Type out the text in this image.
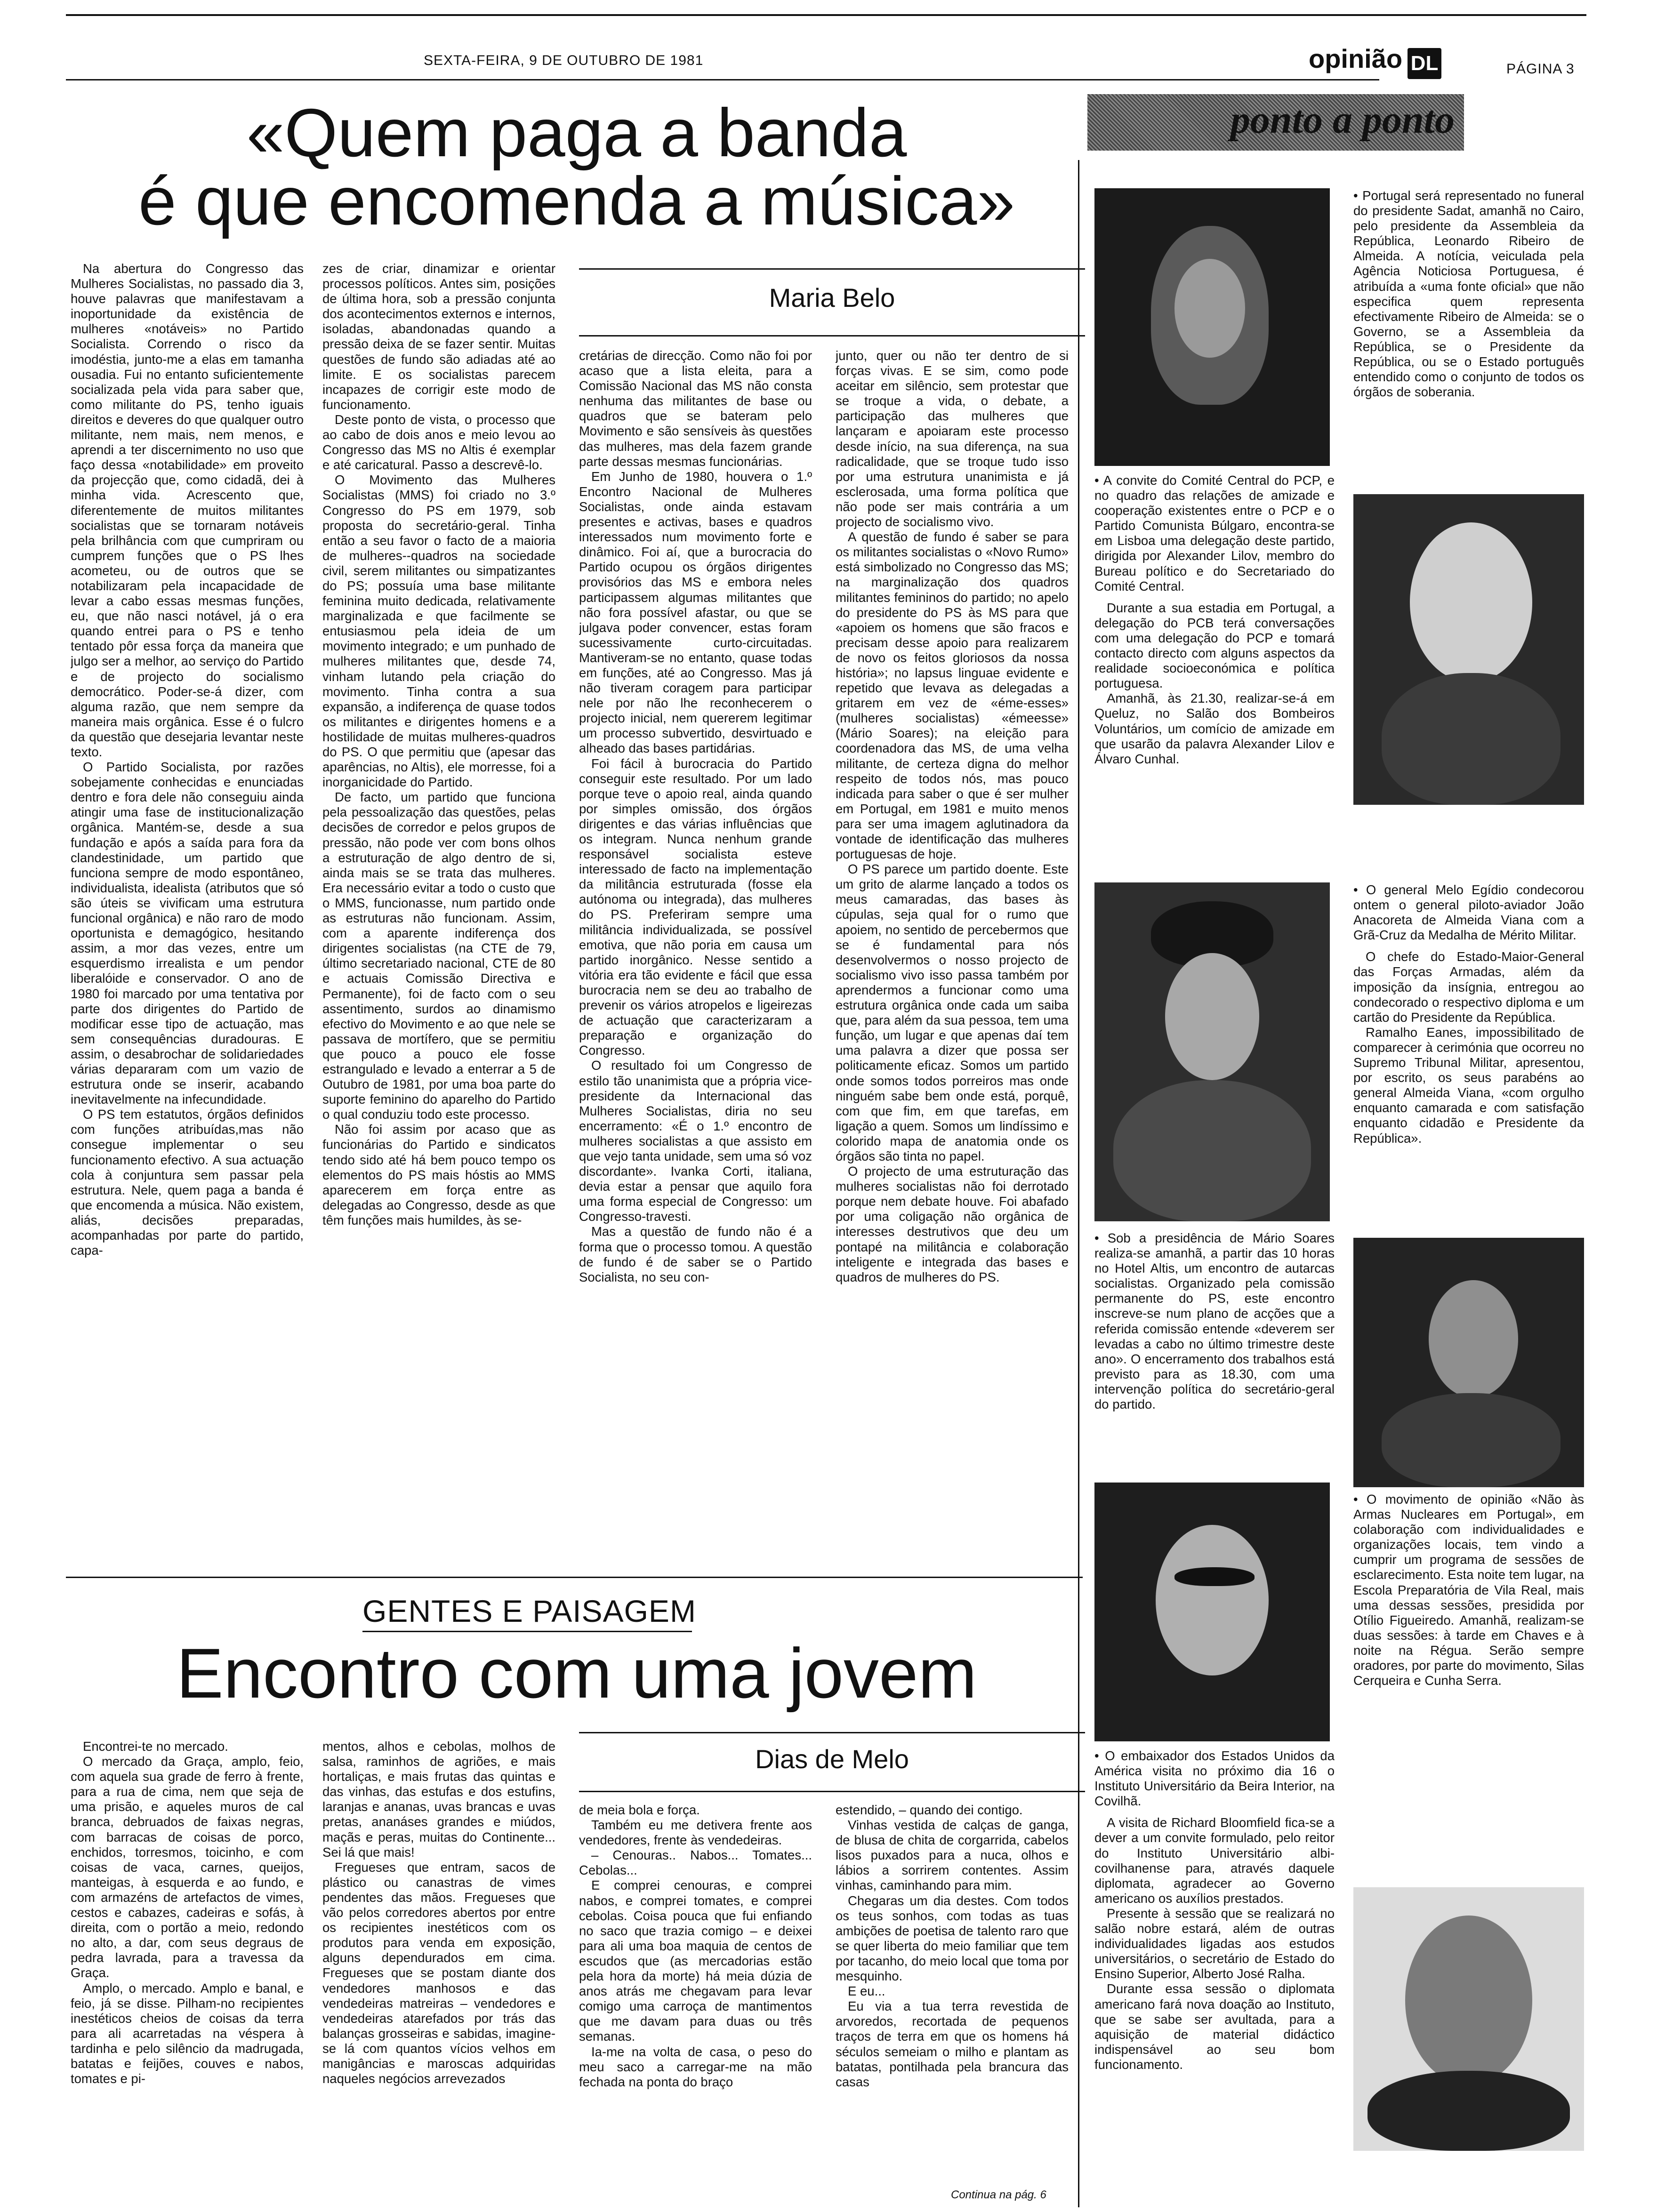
SEXTA-FEIRA, 9 DE OUTUBRO DE 1981	opinião DL	PÁGINA 3
«Quem paga a banda
é que encomenda a música»
Maria Belo

Na abertura do Congresso das Mulheres Socialistas, no passado dia 3, houve palavras que manifestavam a inoportunidade da existência de mulheres «notáveis» no Partido Socialista. Correndo o risco da imodéstia, junto-me a elas em tamanha ousadia. Fui no entanto suficientemente socializada pela vida para saber que, como militante do PS, tenho iguais direitos e deveres do que qualquer outro militante, nem mais, nem menos, e aprendi a ter discernimento no uso que faço dessa «notabilidade» em proveito da projecção que, como cidadã, dei à minha vida. Acrescento que, diferentemente de muitos militantes socialistas que se tornaram notáveis pela brilhância com que cumpriram ou cumprem funções que o PS lhes acometeu, ou de outros que se notabilizaram pela incapacidade de levar a cabo essas mesmas funções, eu, que não nasci notável, já o era quando entrei para o PS e tenho tentado pôr essa força da maneira que julgo ser a melhor, ao serviço do Partido e de projecto do socialismo democrático. Poder-se-á dizer, com alguma razão, que nem sempre da maneira mais orgânica. Esse é o fulcro da questão que desejaria levantar neste texto.

O Partido Socialista, por razões sobejamente conhecidas e enunciadas dentro e fora dele não conseguiu ainda atingir uma fase de institucionalização orgânica. Mantém-se, desde a sua fundação e após a saída para fora da clandestinidade, um partido que funciona sempre de modo espontâneo, individualista, idealista (atributos que só são úteis se vivificam uma estrutura funcional orgânica) e não raro de modo oportunista e demagógico, hesitando assim, a mor das vezes, entre um esquerdismo irrealista e um pendor liberalóide e conservador. O ano de 1980 foi marcado por uma tentativa por parte dos dirigentes do Partido de modificar esse tipo de actuação, mas sem consequências duradouras. E assim, o desabrochar de solidariedades várias depararam com um vazio de estrutura onde se inserir, acabando inevitavelmente na infecundidade.

O PS tem estatutos, órgãos definidos com funções atribuídas,mas não consegue implementar o seu funcionamento efectivo. A sua actuação cola à conjuntura sem passar pela estrutura. Nele, quem paga a banda é que encomenda a música. Não existem, aliás, decisões preparadas, acompanhadas por parte do partido, capa-

zes de criar, dinamizar e orientar processos políticos. Antes sim, posições de última hora, sob a pressão conjunta dos acontecimentos externos e internos, isoladas, abandonadas quando a pressão deixa de se fazer sentir. Muitas questões de fundo são adiadas até ao limite. E os socialistas parecem incapazes de corrigir este modo de funcionamento.

Deste ponto de vista, o processo que ao cabo de dois anos e meio levou ao Congresso das MS no Altis é exemplar e até caricatural. Passo a descrevê-lo.

O Movimento das Mulheres Socialistas (MMS) foi criado no 3.º Congresso do PS em 1979, sob proposta do secretário-geral. Tinha então a seu favor o facto de a maioria de mulheres--quadros na sociedade civil, serem militantes ou simpatizantes do PS; possuía uma base militante feminina muito dedicada, relativamente marginalizada e que facilmente se entusiasmou pela ideia de um movimento integrado; e um punhado de mulheres militantes que, desde 74, vinham lutando pela criação do movimento. Tinha contra a sua expansão, a indiferença de quase todos os militantes e dirigentes homens e a hostilidade de muitas mulheres-quadros do PS. O que permitiu que (apesar das aparências, no Altis), ele morresse, foi a inorganicidade do Partido.

De facto, um partido que funciona pela pessoalização das questões, pelas decisões de corredor e pelos grupos de pressão, não pode ver com bons olhos a estruturação de algo dentro de si, ainda mais se se trata das mulheres. Era necessário evitar a todo o custo que o MMS, funcionasse, num partido onde as estruturas não funcionam. Assim, com a aparente indiferença dos dirigentes socialistas (na CTE de 79, último secretariado nacional, CTE de 80 e actuais Comissão Directiva e Permanente), foi de facto com o seu assentimento, surdos ao dinamismo efectivo do Movimento e ao que nele se passava de mortífero, que se permitiu que pouco a pouco ele fosse estrangulado e levado a enterrar a 5 de Outubro de 1981, por uma boa parte do suporte feminino do aparelho do Partido o qual conduziu todo este processo.

Não foi assim por acaso que as funcionárias do Partido e sindicatos tendo sido até há bem pouco tempo os elementos do PS mais hóstis ao MMS aparecerem em força entre as delegadas ao Congresso, desde as que têm funções mais humildes, às se-

cretárias de direcção. Como não foi por acaso que a lista eleita, para a Comissão Nacional das MS não consta nenhuma das militantes de base ou quadros que se bateram pelo Movimento e são sensíveis às questões das mulheres, mas dela fazem grande parte dessas mesmas funcionárias.

Em Junho de 1980, houvera o 1.º Encontro Nacional de Mulheres Socialistas, onde ainda estavam presentes e activas, bases e quadros interessados num movimento forte e dinâmico. Foi aí, que a burocracia do Partido ocupou os órgãos dirigentes provisórios das MS e embora neles participassem algumas militantes que não fora possível afastar, ou que se julgava poder convencer, estas foram sucessivamente curto-circuitadas. Mantiveram-se no entanto, quase todas em funções, até ao Congresso. Mas já não tiveram coragem para participar nele por não lhe reconhecerem o projecto inicial, nem quererem legitimar um processo subvertido, desvirtuado e alheado das bases partidárias.

Foi fácil à burocracia do Partido conseguir este resultado. Por um lado porque teve o apoio real, ainda quando por simples omissão, dos órgãos dirigentes e das várias influências que os integram. Nunca nenhum grande responsável socialista esteve interessado de facto na implementação da militância estruturada (fosse ela autónoma ou integrada), das mulheres do PS. Preferiram sempre uma militância individualizada, se possível emotiva, que não poria em causa um partido inorgânico. Nesse sentido a vitória era tão evidente e fácil que essa burocracia nem se deu ao trabalho de prevenir os vários atropelos e ligeirezas de actuação que caracterizaram a preparação e organização do Congresso.

O resultado foi um Congresso de estilo tão unanimista que a própria vice-presidente da Internacional das Mulheres Socialistas, diria no seu encerramento: «É o 1.º encontro de mulheres socialistas a que assisto em que vejo tanta unidade, sem uma só voz discordante». Ivanka Corti, italiana, devia estar a pensar que aquilo fora uma forma especial de Congresso: um Congresso-travesti.

Mas a questão de fundo não é a forma que o processo tomou. A questão de fundo é de saber se o Partido Socialista, no seu con-

junto, quer ou não ter dentro de si forças vivas. E se sim, como pode aceitar em silêncio, sem protestar que se troque a vida, o debate, a participação das mulheres que lançaram e apoiaram este processo desde início, na sua diferença, na sua radicalidade, que se troque tudo isso por uma estrutura unanimista e já esclerosada, uma forma política que não pode ser mais contrária a um projecto de socialismo vivo.

A questão de fundo é saber se para os militantes socialistas o «Novo Rumo» está simbolizado no Congresso das MS; na marginalização dos quadros militantes femininos do partido; no apelo do presidente do PS às MS para que «apoiem os homens que são fracos e precisam desse apoio para realizarem de novo os feitos gloriosos da nossa história»; no lapsus linguae evidente e repetido que levava as delegadas a gritarem em vez de «éme-esses» (mulheres socialistas) «émeesse» (Mário Soares); na eleição para coordenadora das MS, de uma velha militante, de certeza digna do melhor respeito de todos nós, mas pouco indicada para saber o que é ser mulher em Portugal, em 1981 e muito menos para ser uma imagem aglutinadora da vontade de identificação das mulheres portuguesas de hoje.

O PS parece um partido doente. Este um grito de alarme lançado a todos os meus camaradas, das bases às cúpulas, seja qual for o rumo que apoiem, no sentido de percebermos que se é fundamental para nós desenvolvermos o nosso projecto de socialismo vivo isso passa também por aprendermos a funcionar como uma estrutura orgânica onde cada um saiba que, para além da sua pessoa, tem uma função, um lugar e que apenas daí tem uma palavra a dizer que possa ser politicamente eficaz. Somos um partido onde somos todos porreiros mas onde ninguém sabe bem onde está, porquê, com que fim, em que tarefas, em ligação a quem. Somos um lindíssimo e colorido mapa de anatomia onde os órgãos são tinta no papel.

O projecto de uma estruturação das mulheres socialistas não foi derrotado porque nem debate houve. Foi abafado por uma coligação não orgânica de interesses destrutivos que deu um pontapé na militância e colaboração inteligente e integrada das bases e quadros de mulheres do PS.

GENTES E PAISAGEM
Encontro com uma jovem
Dias de Melo

Encontrei-te no mercado.

O mercado da Graça, amplo, feio, com aquela sua grade de ferro à frente, para a rua de cima, nem que seja de uma prisão, e aqueles muros de cal branca, debruados de faixas negras, com barracas de coisas de porco, enchidos, torresmos, toicinho, e com coisas de vaca, carnes, queijos, manteigas, à esquerda e ao fundo, e com armazéns de artefactos de vimes, cestos e cabazes, cadeiras e sofás, à direita, com o portão a meio, redondo no alto, a dar, com seus degraus de pedra lavrada, para a travessa da Graça.

Amplo, o mercado. Amplo e banal, e feio, já se disse. Pilham-no recipientes inestéticos cheios de coisas da terra para ali acarretadas na véspera à tardinha e pelo silêncio da madrugada, batatas e feijões, couves e nabos, tomates e pi-

mentos, alhos e cebolas, molhos de salsa, raminhos de agriões, e mais hortaliças, e mais frutas das quintas e das vinhas, das estufas e dos estufins, laranjas e ananas, uvas brancas e uvas pretas, ananáses grandes e miúdos, maçãs e peras, muitas do Continente... Sei lá que mais!

Fregueses que entram, sacos de plástico ou canastras de vimes pendentes das mãos. Fregueses que vão pelos corredores abertos por entre os recipientes inestéticos com os produtos para venda em exposição, alguns dependurados em cima. Fregueses que se postam diante dos vendedores manhosos e das vendedeiras matreiras – vendedores e vendedeiras atarefados por trás das balanças grosseiras e sabidas, imagine-se lá com quantos vícios velhos em manigâncias e maroscas adquiridas naqueles negócios arrevezados

de meia bola e força.

Também eu me detivera frente aos vendedores, frente às vendedeiras.

– Cenouras.. Nabos... Tomates... Cebolas...

E comprei cenouras, e comprei nabos, e comprei tomates, e comprei cebolas. Coisa pouca que fui enfiando no saco que trazia comigo – e deixei para ali uma boa maquia de centos de escudos que (as mercadorias estão pela hora da morte) há meia dúzia de anos atrás me chegavam para levar comigo uma carroça de mantimentos que me davam para duas ou três semanas.

Ia-me na volta de casa, o peso do meu saco a carregar-me na mão fechada na ponta do braço

estendido, – quando dei contigo.

Vinhas vestida de calças de ganga, de blusa de chita de corgarrida, cabelos lisos puxados para a nuca, olhos e lábios a sorrirem contentes. Assim vinhas, caminhando para mim.

Chegaras um dia destes. Com todos os teus sonhos, com todas as tuas ambições de poetisa de talento raro que se quer liberta do meio familiar que tem por tacanho, do meio local que toma por mesquinho.

E eu...

Eu via a tua terra revestida de arvoredos, recortada de pequenos traços de terra em que os homens há séculos semeiam o milho e plantam as batatas, pontilhada pela brancura das casas

Continua na pág. 6
ponto a ponto

• Portugal será representado no funeral do presidente Sadat, amanhã no Cairo, pelo presidente da Assembleia da República, Leonardo Ribeiro de Almeida. A notícia, veiculada pela Agência Noticiosa Portuguesa, é atribuída a «uma fonte oficial» que não especifica quem representa efectivamente Ribeiro de Almeida: se o Governo, se a Assembleia da República, se o Presidente da República, ou se o Estado português entendido como o conjunto de todos os órgãos de soberania.

• A convite do Comité Central do PCP, e no quadro das relações de amizade e cooperação existentes entre o PCP e o Partido Comunista Búlgaro, encontra-se em Lisboa uma delegação deste partido, dirigida por Alexander Lilov, membro do Bureau político e do Secretariado do Comité Central.

Durante a sua estadia em Portugal, a delegação do PCB terá conversações com uma delegação do PCP e tomará contacto directo com alguns aspectos da realidade socioeconómica e política portuguesa.

Amanhã, às 21.30, realizar-se-á em Queluz, no Salão dos Bombeiros Voluntários, um comício de amizade em que usarão da palavra Alexander Lilov e Álvaro Cunhal.

• O general Melo Egídio condecorou ontem o general piloto-aviador João Anacoreta de Almeida Viana com a Grã-Cruz da Medalha de Mérito Militar.

O chefe do Estado-Maior-General das Forças Armadas, além da imposição da insígnia, entregou ao condecorado o respectivo diploma e um cartão do Presidente da República.

Ramalho Eanes, impossibilitado de comparecer à cerimónia que ocorreu no Supremo Tribunal Militar, apresentou, por escrito, os seus parabéns ao general Almeida Viana, «com orgulho enquanto camarada e com satisfação enquanto cidadão e Presidente da República».

• Sob a presidência de Mário Soares realiza-se amanhã, a partir das 10 horas no Hotel Altis, um encontro de autarcas socialistas. Organizado pela comissão permanente do PS, este encontro inscreve-se num plano de acções que a referida comissão entende «deverem ser levadas a cabo no último trimestre deste ano». O encerramento dos trabalhos está previsto para as 18.30, com uma intervenção política do secretário-geral do partido.

• O movimento de opinião «Não às Armas Nucleares em Portugal», em colaboração com individualidades e organizações locais, tem vindo a cumprir um programa de sessões de esclarecimento. Esta noite tem lugar, na Escola Preparatória de Vila Real, mais uma dessas sessões, presidida por Otílio Figueiredo. Amanhã, realizam-se duas sessões: à tarde em Chaves e à noite na Régua. Serão sempre oradores, por parte do movimento, Silas Cerqueira e Cunha Serra.

• O embaixador dos Estados Unidos da América visita no próximo dia 16 o Instituto Universitário da Beira Interior, na Covilhã.

A visita de Richard Bloomfield fica-se a dever a um convite formulado, pelo reitor do Instituto Universitário albi-covilhanense para, através daquele diplomata, agradecer ao Governo americano os auxílios prestados.

Presente à sessão que se realizará no salão nobre estará, além de outras individualidades ligadas aos estudos universitários, o secretário de Estado do Ensino Superior, Alberto José Ralha.

Durante essa sessão o diplomata americano fará nova doação ao Instituto, que se sabe ser avultada, para a aquisição de material didáctico indispensável ao seu bom funcionamento.
